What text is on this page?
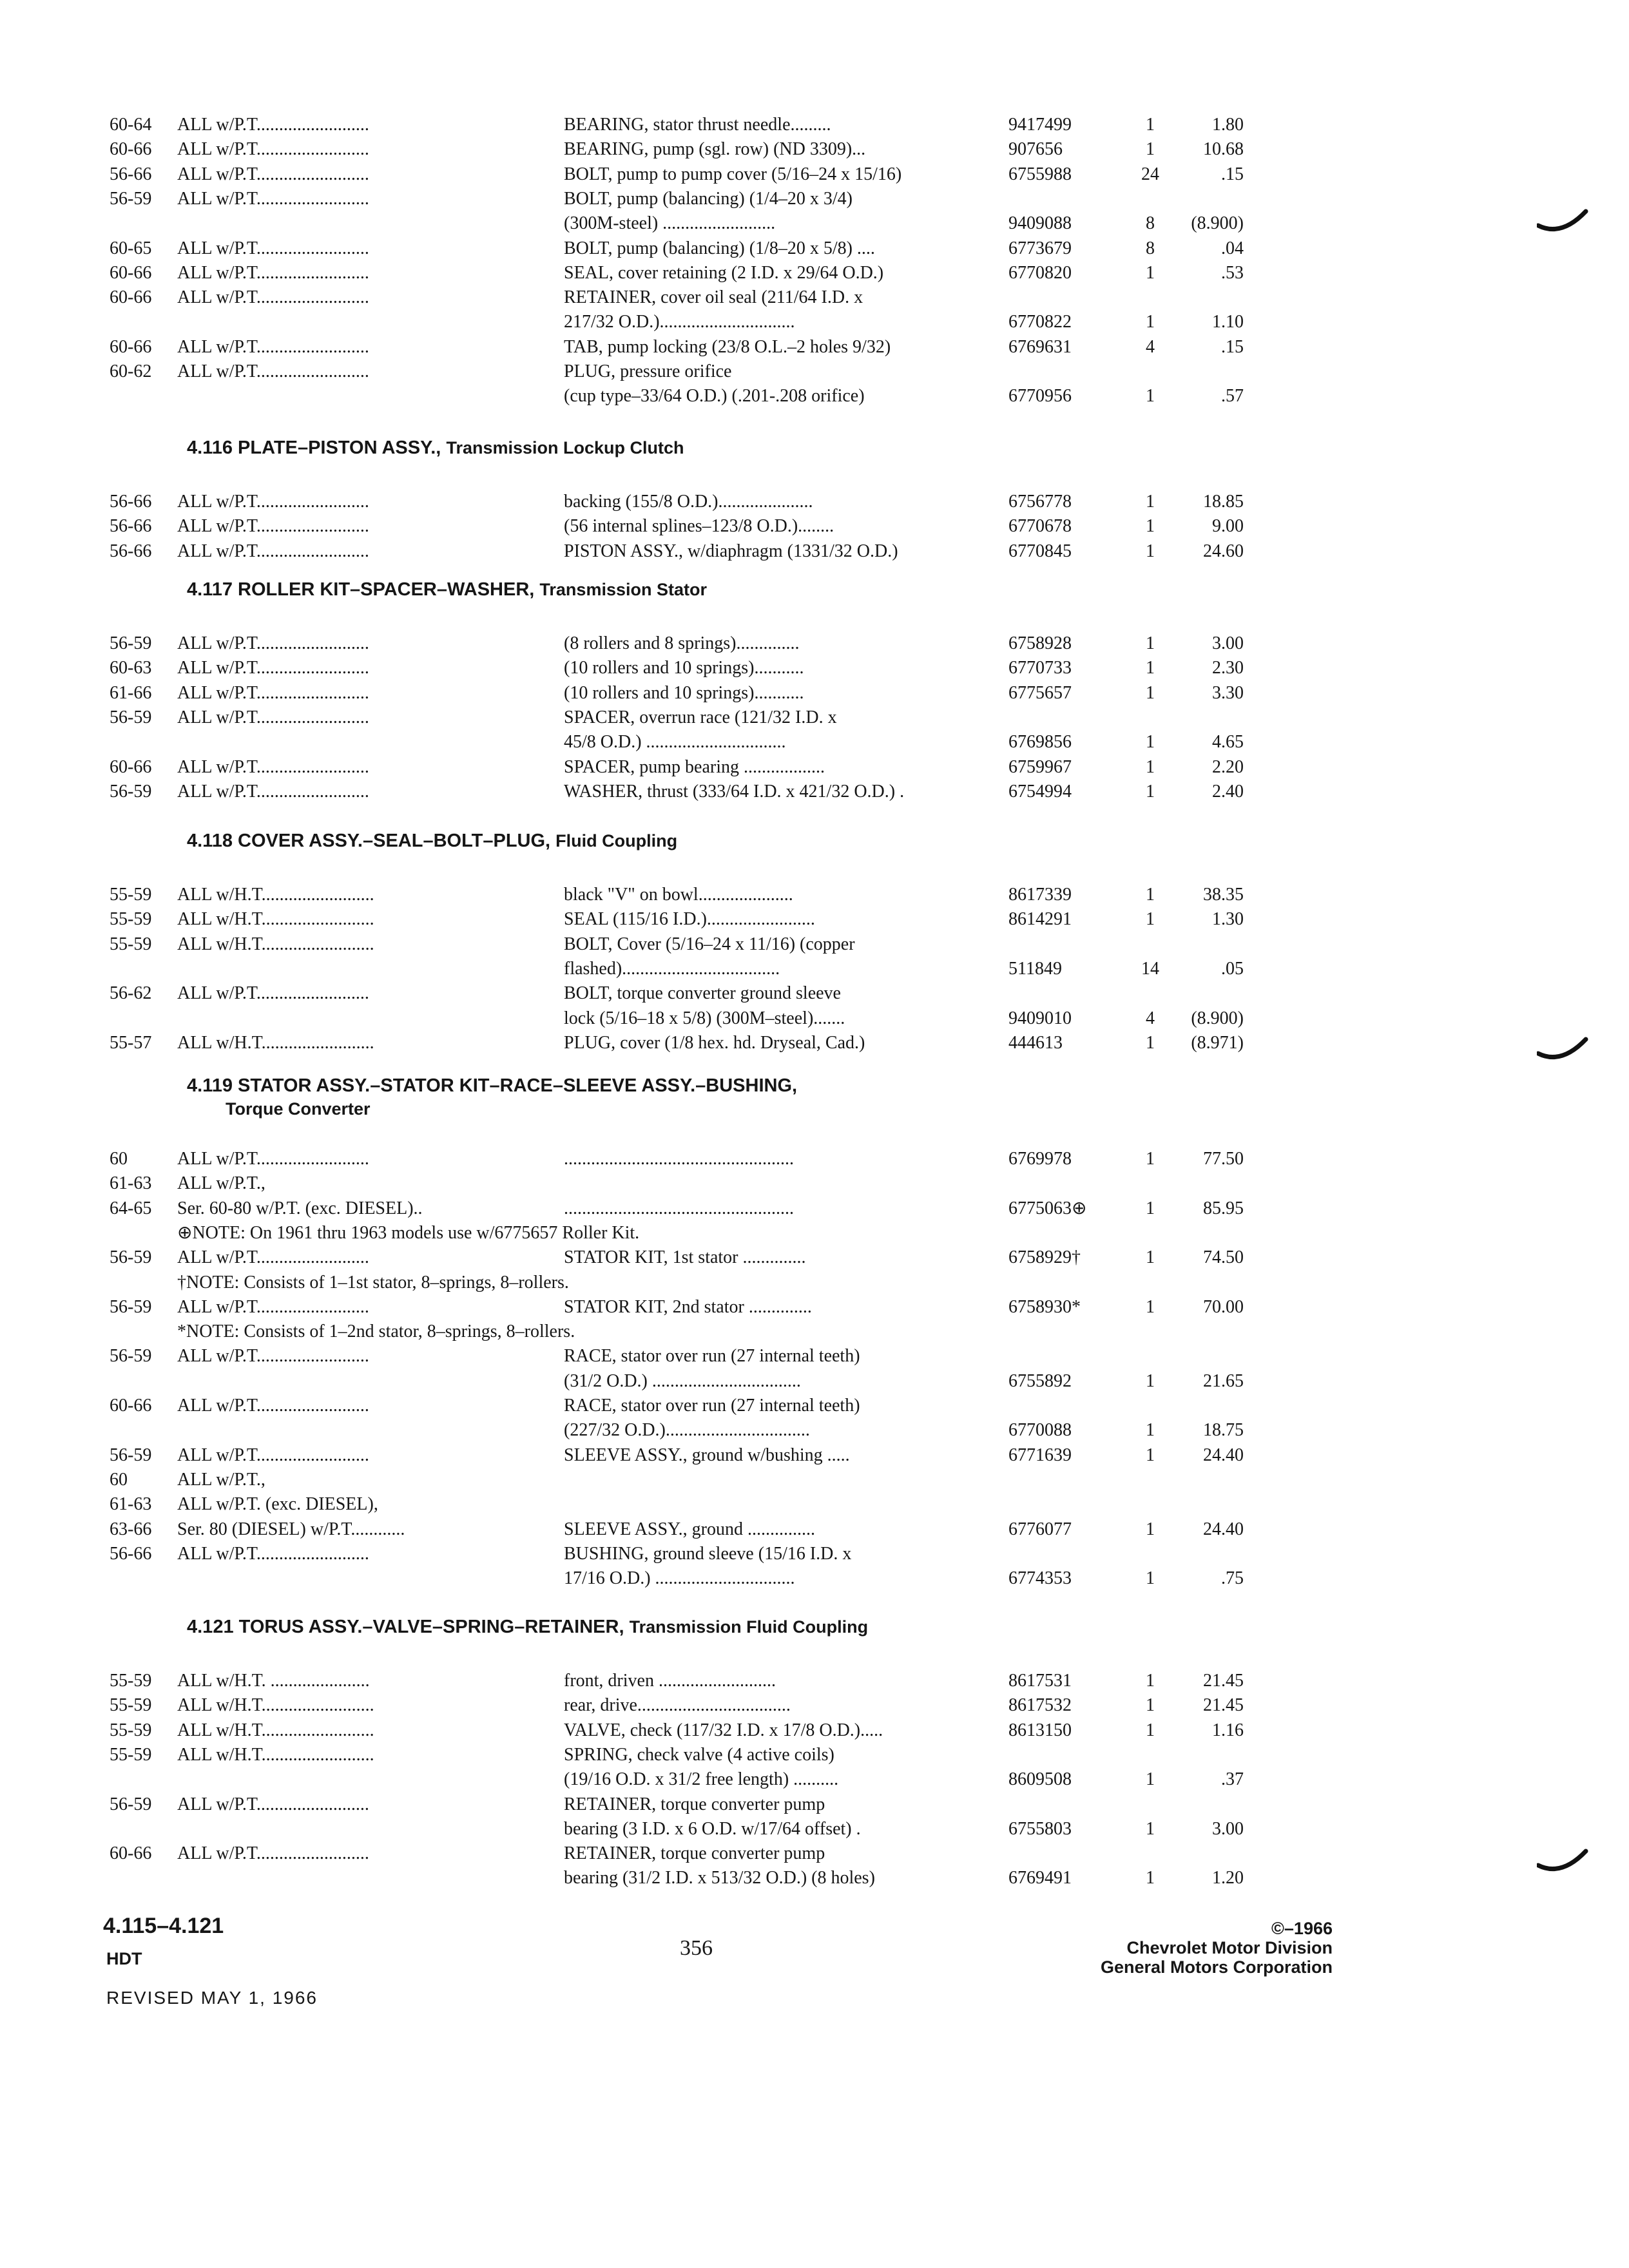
60-64 ALL w/P.T.........................	BEARING, stator thrust needle.........	9417499	1	1.80
60-66 ALL w/P.T.........................	BEARING, pump (sgl. row) (ND 3309)...	907656	1	10.68
56-66 ALL w/P.T.........................	BOLT, pump to pump cover (5/16–24 x 15/16)	6755988	24	.15
56-59 ALL w/P.T.........................	BOLT, pump (balancing) (1/4–20 x 3/4)
(300M-steel) .........................	9409088	8	(8.900)
60-65 ALL w/P.T.........................	BOLT, pump (balancing) (1/8–20 x 5/8) ....	6773679	8	.04
60-66 ALL w/P.T.........................	SEAL, cover retaining (2 I.D. x 29/64 O.D.)	6770820	1	.53
60-66 ALL w/P.T.........................	RETAINER, cover oil seal (211/64 I.D. x
217/32 O.D.)..............................	6770822	1	1.10
60-66 ALL w/P.T.........................	TAB, pump locking (23/8 O.L.–2 holes 9/32)	6769631	4	.15
60-62 ALL w/P.T.........................	PLUG, pressure orifice
(cup type–33/64 O.D.) (.201-.208 orifice)	6770956	1	.57
4.116 PLATE–PISTON ASSY., Transmission Lockup Clutch
56-66 ALL w/P.T.........................	backing (155/8 O.D.).....................	6756778	1	18.85
56-66 ALL w/P.T.........................	(56 internal splines–123/8 O.D.)........	6770678	1	9.00
56-66 ALL w/P.T.........................	PISTON ASSY., w/diaphragm (1331/32 O.D.)	6770845	1	24.60
4.117 ROLLER KIT–SPACER–WASHER, Transmission Stator
56-59 ALL w/P.T.........................	(8 rollers and 8 springs)..............	6758928	1	3.00
60-63 ALL w/P.T.........................	(10 rollers and 10 springs)...........	6770733	1	2.30
61-66 ALL w/P.T.........................	(10 rollers and 10 springs)...........	6775657	1	3.30
56-59 ALL w/P.T.........................	SPACER, overrun race (121/32 I.D. x
45/8 O.D.) ...............................	6769856	1	4.65
60-66 ALL w/P.T.........................	SPACER, pump bearing ..................	6759967	1	2.20
56-59 ALL w/P.T.........................	WASHER, thrust (333/64 I.D. x 421/32 O.D.) .	6754994	1	2.40
4.118 COVER ASSY.–SEAL–BOLT–PLUG, Fluid Coupling
55-59 ALL w/H.T.........................	black "V" on bowl.....................	8617339	1	38.35
55-59 ALL w/H.T.........................	SEAL (115/16 I.D.)........................	8614291	1	1.30
55-59 ALL w/H.T.........................	BOLT, Cover (5/16–24 x 11/16) (copper
flashed)...................................	511849	14	.05
56-62 ALL w/P.T.........................	BOLT, torque converter ground sleeve
lock (5/16–18 x 5/8) (300M–steel).......	9409010	4	(8.900)
55-57 ALL w/H.T.........................	PLUG, cover (1/8 hex. hd. Dryseal, Cad.)	444613	1	(8.971)
4.119 STATOR ASSY.–STATOR KIT–RACE–SLEEVE ASSY.–BUSHING,
Torque Converter
60	ALL w/P.T.........................	...................................................	6769978	1	77.50
61-63 ALL w/P.T.,
64-65 Ser. 60-80 w/P.T. (exc. DIESEL)..	...................................................	6775063⊕	1	85.95
⊕NOTE: On 1961 thru 1963 models use w/6775657 Roller Kit.
56-59 ALL w/P.T.........................	STATOR KIT, 1st stator ..............	6758929†	1	74.50
†NOTE: Consists of 1–1st stator, 8–springs, 8–rollers.
56-59 ALL w/P.T.........................	STATOR KIT, 2nd stator ..............	6758930*	1	70.00
*NOTE: Consists of 1–2nd stator, 8–springs, 8–rollers.
56-59 ALL w/P.T.........................	RACE, stator over run (27 internal teeth)
(31/2 O.D.) .................................	6755892	1	21.65
60-66 ALL w/P.T.........................	RACE, stator over run (27 internal teeth)
(227/32 O.D.)................................	6770088	1	18.75
56-59 ALL w/P.T.........................	SLEEVE ASSY., ground w/bushing .....	6771639	1	24.40
60	ALL w/P.T.,
61-63 ALL w/P.T. (exc. DIESEL),
63-66 Ser. 80 (DIESEL) w/P.T............	SLEEVE ASSY., ground ...............	6776077	1	24.40
56-66 ALL w/P.T.........................	BUSHING, ground sleeve (15/16 I.D. x
17/16 O.D.) ...............................	6774353	1	.75
4.121 TORUS ASSY.–VALVE–SPRING–RETAINER, Transmission Fluid Coupling
55-59 ALL w/H.T. ......................	front, driven ..........................	8617531	1	21.45
55-59 ALL w/H.T.........................	rear, drive..................................	8617532	1	21.45
55-59 ALL w/H.T.........................	VALVE, check (117/32 I.D. x 17/8 O.D.).....	8613150	1	1.16
55-59 ALL w/H.T.........................	SPRING, check valve (4 active coils)
(19/16 O.D. x 31/2 free length) ..........	8609508	1	.37
56-59 ALL w/P.T.........................	RETAINER, torque converter pump
bearing (3 I.D. x 6 O.D. w/17/64 offset) .	6755803	1	3.00
60-66 ALL w/P.T.........................	RETAINER, torque converter pump
bearing (31/2 I.D. x 513/32 O.D.) (8 holes)	6769491	1	1.20
4.115–4.121
HDT
REVISED MAY 1, 1966
356
©–1966
Chevrolet Motor Division
General Motors Corporation
